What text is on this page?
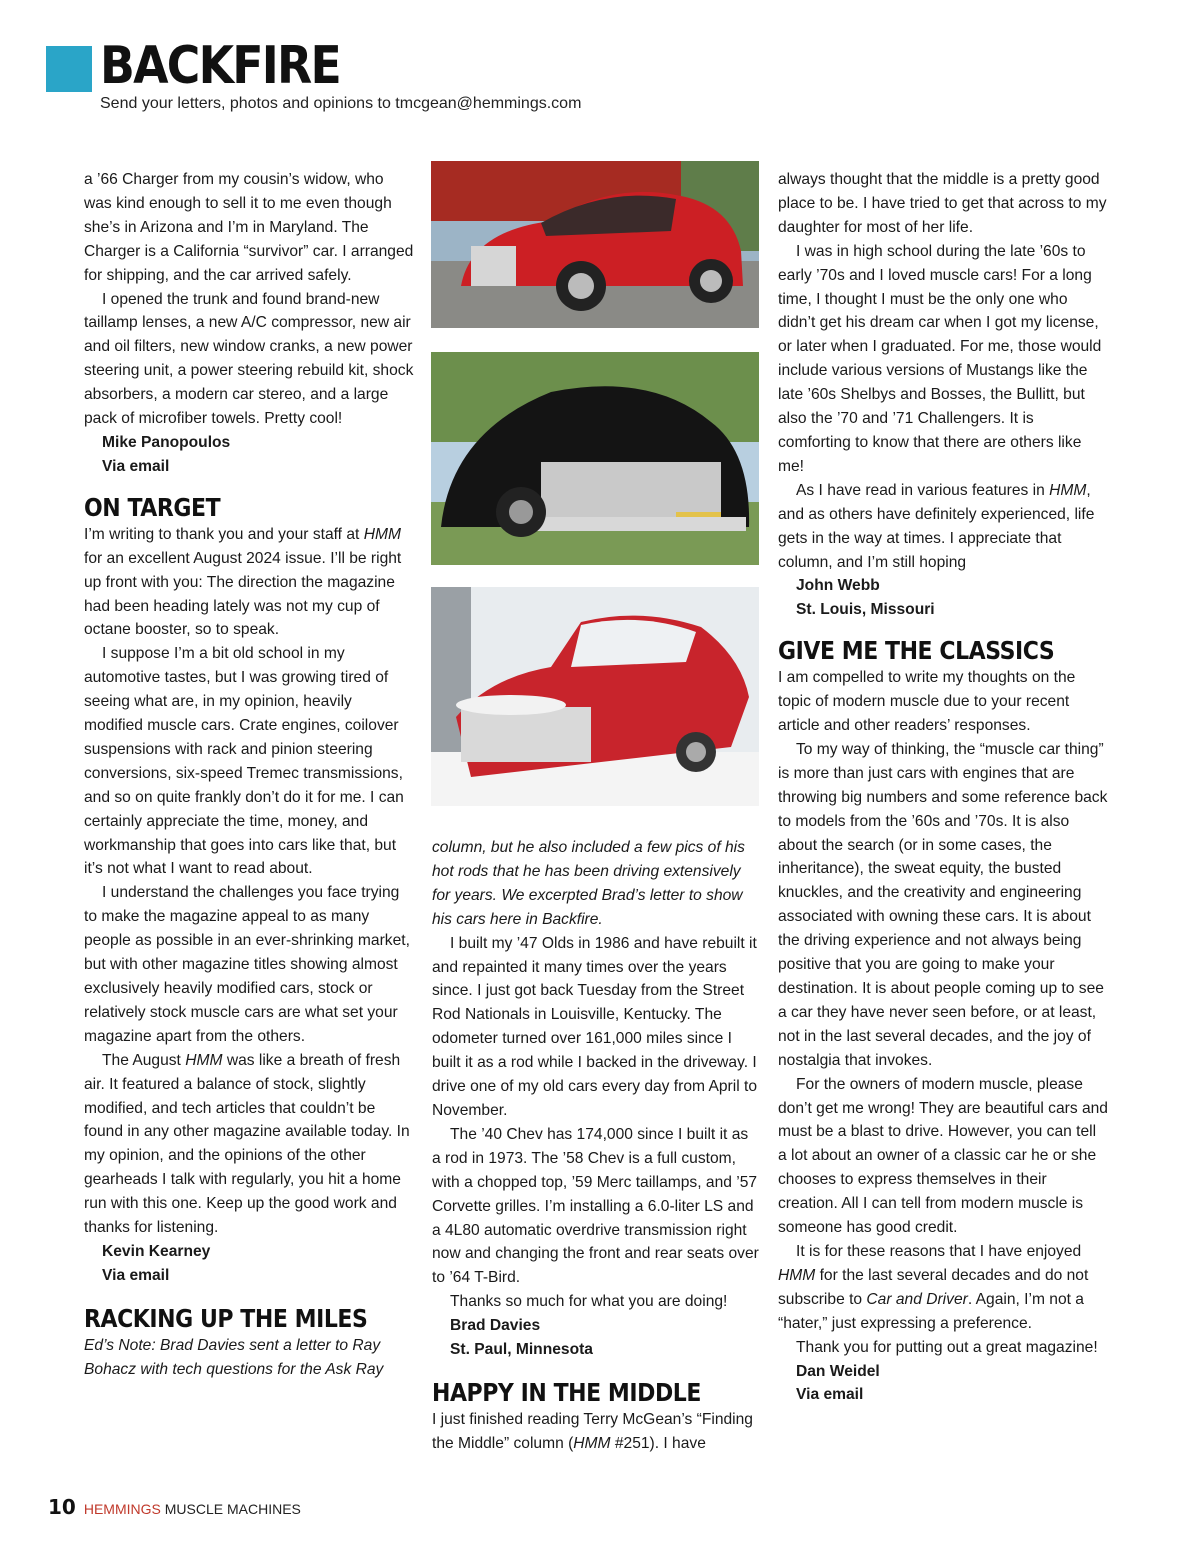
BACKFIRE
Send your letters, photos and opinions to tmcgean@hemmings.com

a ’66 Charger from my cousin’s widow, who was kind enough to sell it to me even though she’s in Arizona and I’m in Maryland. The Charger is a California “survivor” car. I arranged for shipping, and the car arrived safely.

I opened the trunk and found brand-new taillamp lenses, a new A/C compressor, new air and oil filters, new window cranks, a new power steering unit, a power steering rebuild kit, shock absorbers, a modern car stereo, and a large pack of microfiber towels. Pretty cool!

Mike Panopoulos

Via email

ON TARGET

I’m writing to thank you and your staff at HMM for an excellent August 2024 issue. I’ll be right up front with you: The direction the magazine had been heading lately was not my cup of octane booster, so to speak.

I suppose I’m a bit old school in my automotive tastes, but I was growing tired of seeing what are, in my opinion, heavily modified muscle cars. Crate engines, coilover suspensions with rack and pinion steering conversions, six-speed Tremec transmissions, and so on quite frankly don’t do it for me. I can certainly appreciate the time, money, and workmanship that goes into cars like that, but it’s not what I want to read about.

I understand the challenges you face trying to make the magazine appeal to as many people as possible in an ever-shrinking market, but with other magazine titles showing almost exclusively heavily modified cars, stock or relatively stock muscle cars are what set your magazine apart from the others.

The August HMM was like a breath of fresh air. It featured a balance of stock, slightly modified, and tech articles that couldn’t be found in any other magazine available today. In my opinion, and the opinions of the other gearheads I talk with regularly, you hit a home run with this one. Keep up the good work and thanks for listening.

Kevin Kearney

Via email

RACKING UP THE MILES

Ed’s Note: Brad Davies sent a letter to Ray Bohacz with tech questions for the Ask Ray

column, but he also included a few pics of his hot rods that he has been driving extensively for years. We excerpted Brad’s letter to show his cars here in Backfire.

I built my ’47 Olds in 1986 and have rebuilt it and repainted it many times over the years since. I just got back Tuesday from the Street Rod Nationals in Louisville, Kentucky. The odometer turned over 161,000 miles since I built it as a rod while I backed in the driveway. I drive one of my old cars every day from April to November.

The ’40 Chev has 174,000 since I built it as a rod in 1973. The ’58 Chev is a full custom, with a chopped top, ’59 Merc taillamps, and ’57 Corvette grilles. I’m installing a 6.0-liter LS and a 4L80 automatic overdrive transmission right now and changing the front and rear seats over to ’64 T-Bird.

Thanks so much for what you are doing!

Brad Davies

St. Paul, Minnesota

HAPPY IN THE MIDDLE

I just finished reading Terry McGean’s “Finding the Middle” column (HMM #251). I have

always thought that the middle is a pretty good place to be. I have tried to get that across to my daughter for most of her life.

I was in high school during the late ’60s to early ’70s and I loved muscle cars! For a long time, I thought I must be the only one who didn’t get his dream car when I got my license, or later when I graduated. For me, those would include various versions of Mustangs like the late ’60s Shelbys and Bosses, the Bullitt, but also the ’70 and ’71 Challengers. It is comforting to know that there are others like me!

As I have read in various features in HMM, and as others have definitely experienced, life gets in the way at times. I appreciate that column, and I’m still hoping

John Webb

St. Louis, Missouri

GIVE ME THE CLASSICS

I am compelled to write my thoughts on the topic of modern muscle due to your recent article and other readers’ responses.

To my way of thinking, the “muscle car thing” is more than just cars with engines that are throwing big numbers and some reference back to models from the ’60s and ’70s. It is also about the search (or in some cases, the inheritance), the sweat equity, the busted knuckles, and the creativity and engineering associated with owning these cars. It is about the driving experience and not always being positive that you are going to make your destination. It is about people coming up to see a car they have never seen before, or at least, not in the last several decades, and the joy of nostalgia that invokes.

For the owners of modern muscle, please don’t get me wrong! They are beautiful cars and must be a blast to drive. However, you can tell a lot about an owner of a classic car he or she chooses to express themselves in their creation. All I can tell from modern muscle is someone has good credit.

It is for these reasons that I have enjoyed HMM for the last several decades and do not subscribe to Car and Driver. Again, I’m not a “hater,” just expressing a preference.

Thank you for putting out a great magazine!

Dan Weidel

Via email

10 HEMMINGS MUSCLE MACHINES
